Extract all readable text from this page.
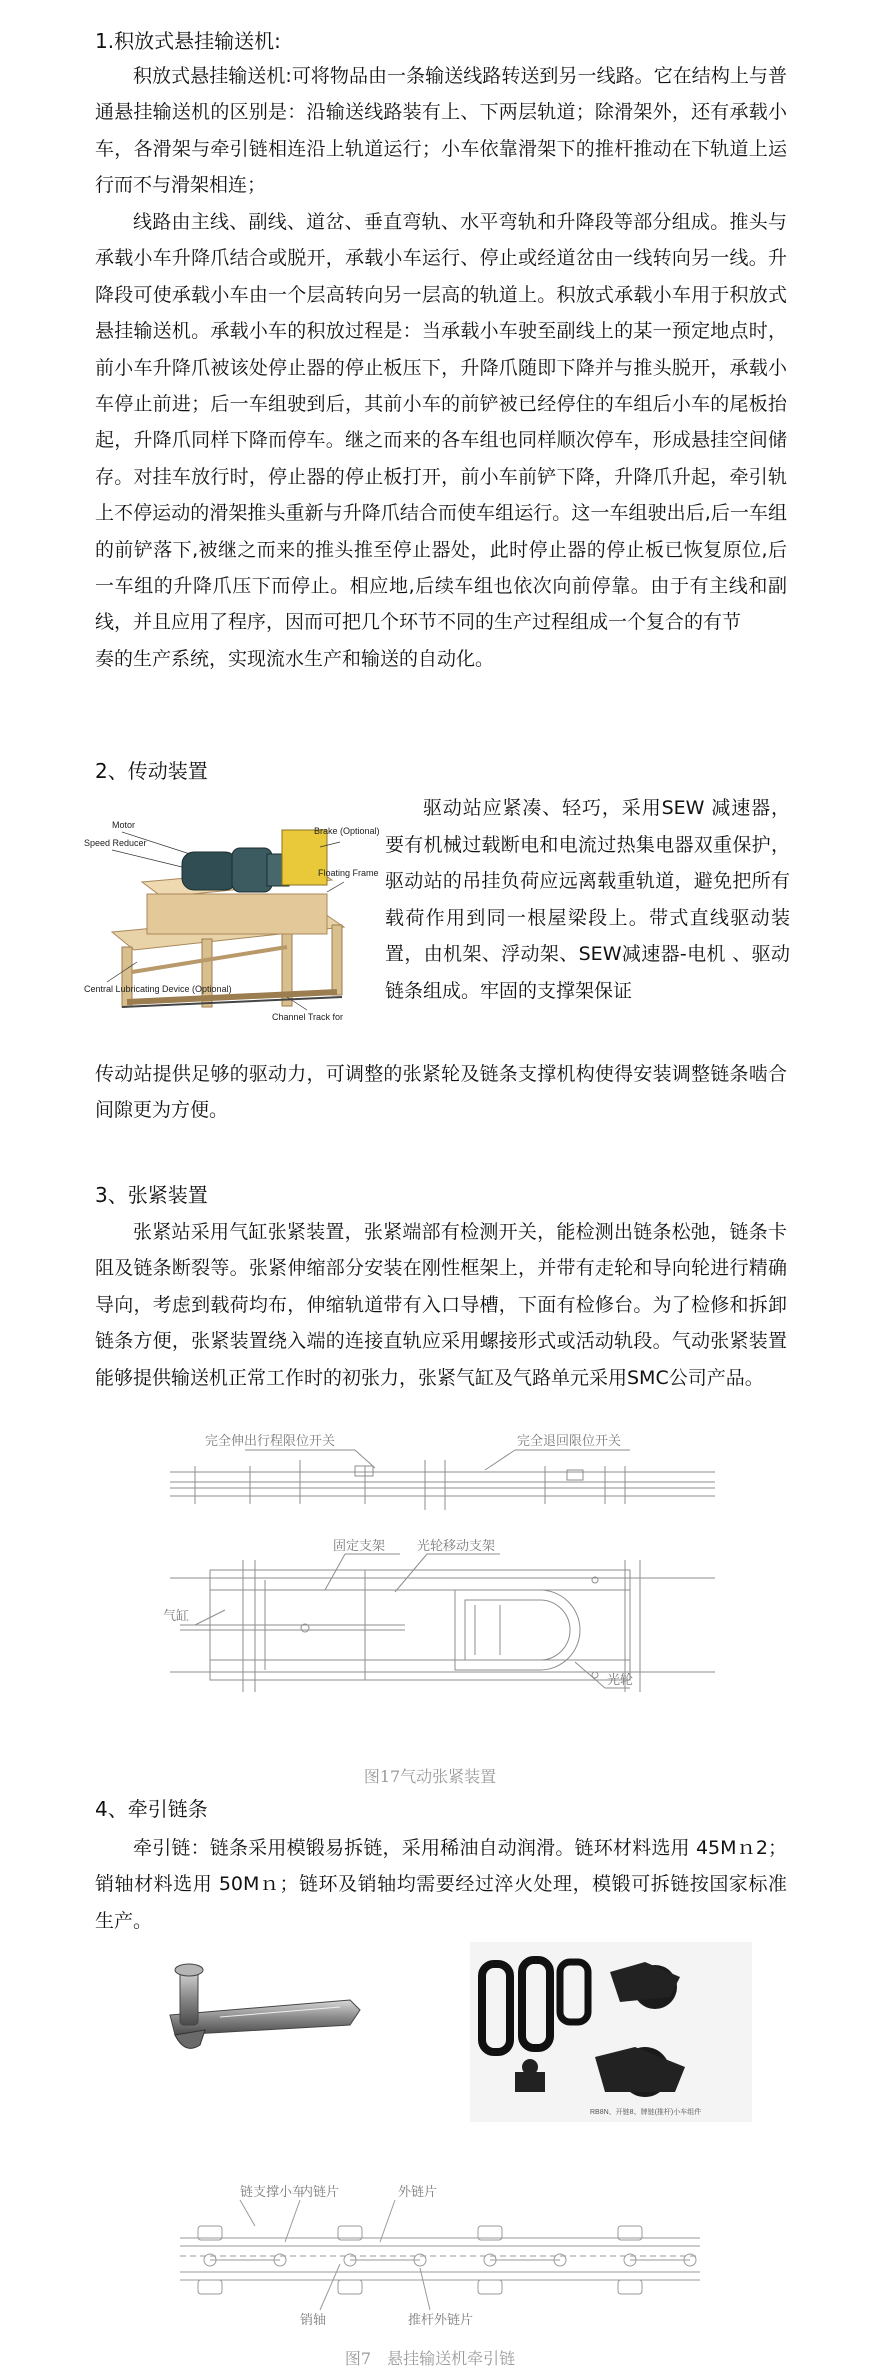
1.积放式悬挂输送机:

积放式悬挂输送机:可将物品由一条输送线路转送到另一线路。它在结构上与普通悬挂输送机的区别是：沿输送线路装有上、下两层轨道；除滑架外，还有承载小车，各滑架与牵引链相连沿上轨道运行；小车依靠滑架下的推杆推动在下轨道上运行而不与滑架相连；

线路由主线、副线、道岔、垂直弯轨、水平弯轨和升降段等部分组成。推头与承载小车升降爪结合或脱开，承载小车运行、停止或经道岔由一线转向另一线。升降段可使承载小车由一个层高转向另一层高的轨道上。积放式承载小车用于积放式悬挂输送机。承载小车的积放过程是：当承载小车驶至副线上的某一预定地点时，前小车升降爪被该处停止器的停止板压下，升降爪随即下降并与推头脱开，承载小车停止前进；后一车组驶到后，其前小车的前铲被已经停住的车组后小车的尾板抬起，升降爪同样下降而停车。继之而来的各车组也同样顺次停车，形成悬挂空间储存。对挂车放行时，停止器的停止板打开，前小车前铲下降，升降爪升起，牵引轨上不停运动的滑架推头重新与升降爪结合而使车组运行。这一车组驶出后,后一车组的前铲落下,被继之而来的推头推至停止器处，此时停止器的停止板已恢复原位,后一车组的升降爪压下而停止。相应地,后续车组也依次向前停靠。由于有主线和副线，并且应用了程序，因而可把几个环节不同的生产过程组成一个复合的有节

奏的生产系统，实现流水生产和输送的自动化。

2、传动装置
Motor
Speed Reducer
Brake (Optional)
Floating Frame
Central Lubricating Device (Optional)
Channel Track for
驱动站应紧凑、轻巧，采用SEW 减速器，要有机械过载断电和电流过热集电器双重保护，驱动站的吊挂负荷应远离载重轨道，避免把所有载荷作用到同一根屋梁段上。带式直线驱动装置，由机架、浮动架、SEW减速器-电机 、驱动链条组成。牢固的支撑架保证
传动站提供足够的驱动力，可调整的张紧轮及链条支撑机构使得安装调整链条啮合间隙更为方便。
3、张紧装置
张紧站采用气缸张紧装置，张紧端部有检测开关，能检测出链条松弛，链条卡阻及链条断裂等。张紧伸缩部分安装在刚性框架上，并带有走轮和导向轮进行精确导向，考虑到载荷均布，伸缩轨道带有入口导槽，下面有检修台。为了检修和拆卸链条方便，张紧装置绕入端的连接直轨应采用螺接形式或活动轨段。气动张紧装置能够提供输送机正常工作时的初张力，张紧气缸及气路单元采用SMC公司产品。
完全伸出行程限位开关	完全退回限位开关
固定支架 光轮移动支架
气缸
光轮
图17气动张紧装置
4、牵引链条
牵引链：链条采用模锻易拆链，采用稀油自动润滑。链环材料选用 45Mｎ2；销轴材料选用 50Mｎ；链环及销轴均需要经过淬火处理，模锻可拆链按国家标准生产。
RB8N、开链8、牌链(推杆)小车组件
链支撑小车
内链片	外链片
销轴	推杆外链片
图7　悬挂输送机牵引链
